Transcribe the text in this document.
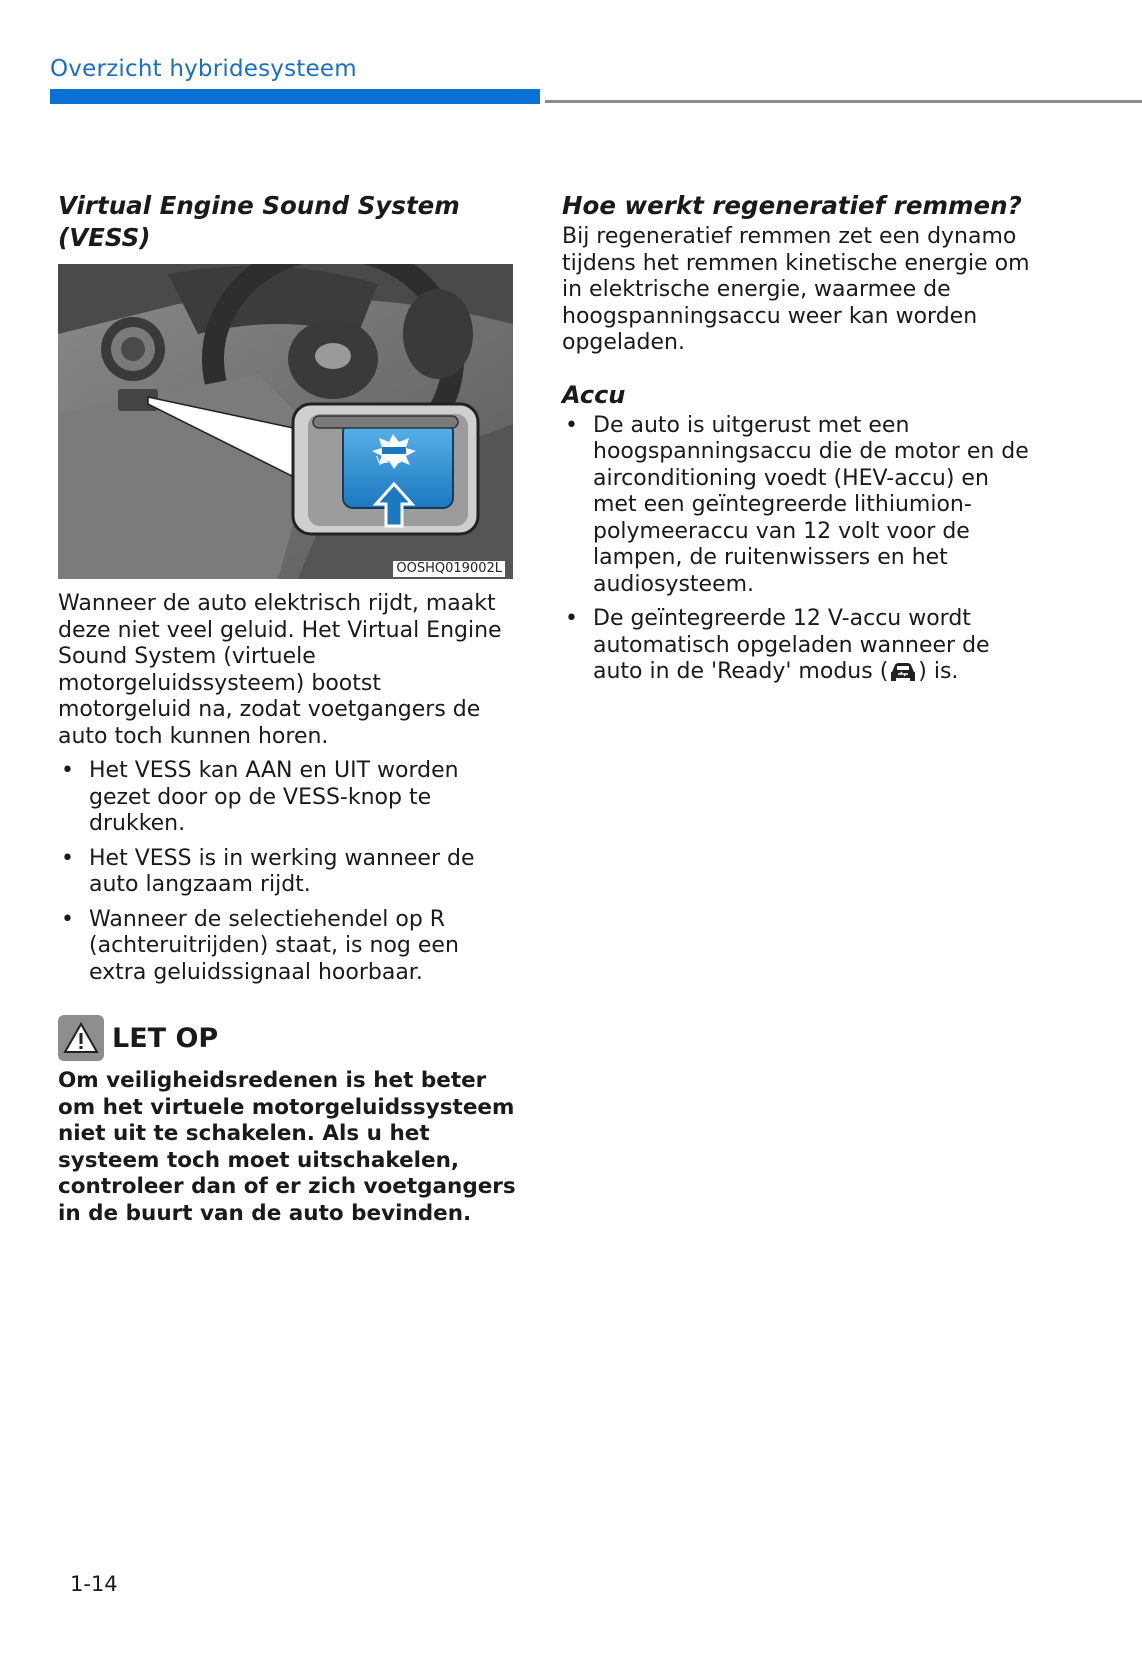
Overzicht hybridesysteem
Virtual Engine Sound System (VESS)
VESS
OOSHQ019002L

Wanneer de auto elektrisch rijdt, maakt deze niet veel geluid. Het Virtual Engine Sound System (virtuele motorgeluidssysteem) bootst motorgeluid na, zodat voetgangers de auto toch kunnen horen.

• Het VESS kan AAN en UIT worden gezet door op de VESS-knop te drukken.
• Het VESS is in werking wanneer de auto langzaam rijdt.
• Wanneer de selectiehendel op R (achteruitrijden) staat, is nog een extra geluidssignaal hoorbaar.
LET OP

Om veiligheidsredenen is het beter om het virtuele motorgeluidssysteem niet uit te schakelen. Als u het systeem toch moet uitschakelen, controleer dan of er zich voetgangers in de buurt van de auto bevinden.

Hoe werkt regeneratief remmen?

Bij regeneratief remmen zet een dynamo tijdens het remmen kinetische energie om in elektrische energie, waarmee de hoogspanningsaccu weer kan worden opgeladen.

Accu
• De auto is uitgerust met een hoogspanningsaccu die de motor en de airconditioning voedt (HEV-accu) en met een geïntegreerde lithiumion-polymeeraccu van 12 volt voor de lampen, de ruitenwissers en het audiosysteem.
• De geïntegreerde 12 V-accu wordt automatisch opgeladen wanneer de auto in de 'Ready' modus ( ) is.
1-14
